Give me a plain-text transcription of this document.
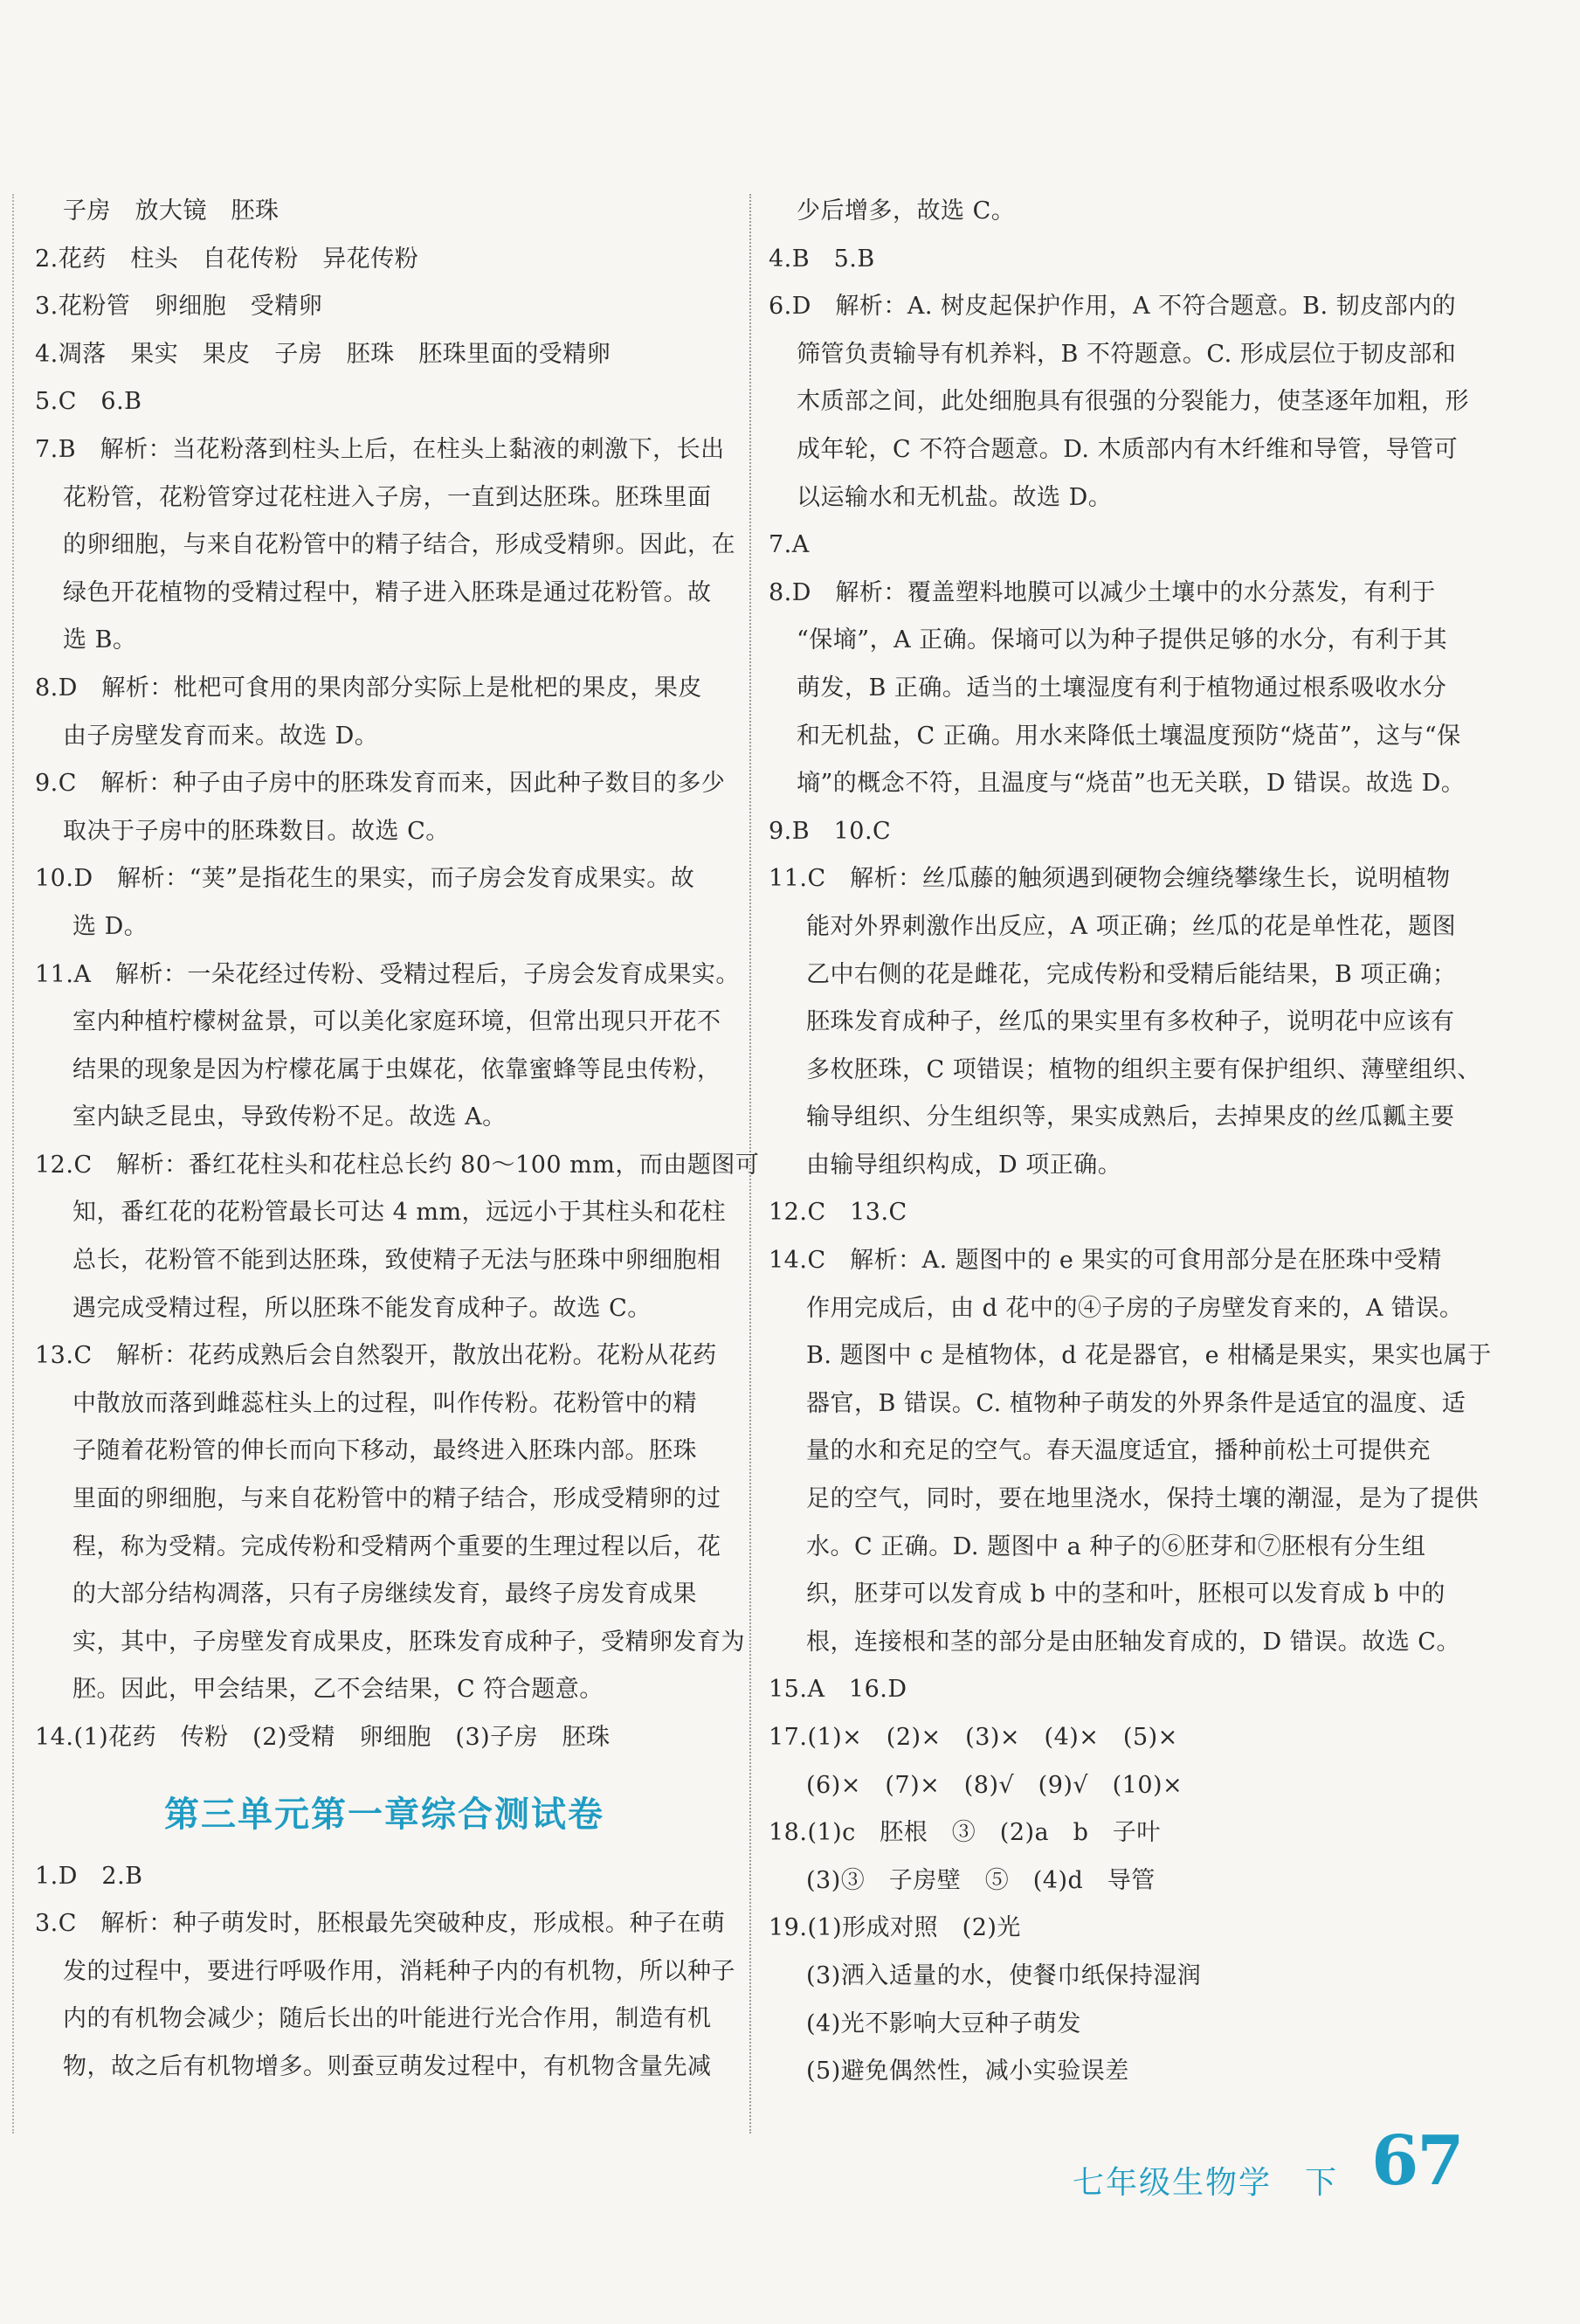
子房　放大镜　胚珠
2.花药　柱头　自花传粉　异花传粉
3.花粉管　卵细胞　受精卵
4.凋落　果实　果皮　子房　胚珠　胚珠里面的受精卵
5.C　6.B
7.B　解析：当花粉落到柱头上后，在柱头上黏液的刺激下，长出
花粉管，花粉管穿过花柱进入子房，一直到达胚珠。胚珠里面
的卵细胞，与来自花粉管中的精子结合，形成受精卵。因此，在
绿色开花植物的受精过程中，精子进入胚珠是通过花粉管。故
选 B。
8.D　解析：枇杷可食用的果肉部分实际上是枇杷的果皮，果皮
由子房壁发育而来。故选 D。
9.C　解析：种子由子房中的胚珠发育而来，因此种子数目的多少
取决于子房中的胚珠数目。故选 C。
10.D　解析：“荚”是指花生的果实，而子房会发育成果实。故
选 D。
11.A　解析：一朵花经过传粉、受精过程后，子房会发育成果实。
室内种植柠檬树盆景，可以美化家庭环境，但常出现只开花不
结果的现象是因为柠檬花属于虫媒花，依靠蜜蜂等昆虫传粉，
室内缺乏昆虫，导致传粉不足。故选 A。
12.C　解析：番红花柱头和花柱总长约 80～100 mm，而由题图可
知，番红花的花粉管最长可达 4 mm，远远小于其柱头和花柱
总长，花粉管不能到达胚珠，致使精子无法与胚珠中卵细胞相
遇完成受精过程，所以胚珠不能发育成种子。故选 C。
13.C　解析：花药成熟后会自然裂开，散放出花粉。花粉从花药
中散放而落到雌蕊柱头上的过程，叫作传粉。花粉管中的精
子随着花粉管的伸长而向下移动，最终进入胚珠内部。胚珠
里面的卵细胞，与来自花粉管中的精子结合，形成受精卵的过
程，称为受精。完成传粉和受精两个重要的生理过程以后，花
的大部分结构凋落，只有子房继续发育，最终子房发育成果
实，其中，子房壁发育成果皮，胚珠发育成种子，受精卵发育为
胚。因此，甲会结果，乙不会结果，C 符合题意。
14.(1)花药　传粉　(2)受精　卵细胞　(3)子房　胚珠
第三单元第一章综合测试卷
1.D　2.B
3.C　解析：种子萌发时，胚根最先突破种皮，形成根。种子在萌
发的过程中，要进行呼吸作用，消耗种子内的有机物，所以种子
内的有机物会减少；随后长出的叶能进行光合作用，制造有机
物，故之后有机物增多。则蚕豆萌发过程中，有机物含量先减
少后增多，故选 C。
4.B　5.B
6.D　解析：A. 树皮起保护作用，A 不符合题意。B. 韧皮部内的
筛管负责输导有机养料，B 不符题意。C. 形成层位于韧皮部和
木质部之间，此处细胞具有很强的分裂能力，使茎逐年加粗，形
成年轮，C 不符合题意。D. 木质部内有木纤维和导管，导管可
以运输水和无机盐。故选 D。
7.A
8.D　解析：覆盖塑料地膜可以减少土壤中的水分蒸发，有利于
“保墒”，A 正确。保墒可以为种子提供足够的水分，有利于其
萌发，B 正确。适当的土壤湿度有利于植物通过根系吸收水分
和无机盐，C 正确。用水来降低土壤温度预防“烧苗”，这与“保
墒”的概念不符，且温度与“烧苗”也无关联，D 错误。故选 D。
9.B　10.C
11.C　解析：丝瓜藤的触须遇到硬物会缠绕攀缘生长，说明植物
能对外界刺激作出反应，A 项正确；丝瓜的花是单性花，题图
乙中右侧的花是雌花，完成传粉和受精后能结果，B 项正确；
胚珠发育成种子，丝瓜的果实里有多枚种子，说明花中应该有
多枚胚珠，C 项错误；植物的组织主要有保护组织、薄壁组织、
输导组织、分生组织等，果实成熟后，去掉果皮的丝瓜瓤主要
由输导组织构成，D 项正确。
12.C　13.C
14.C　解析：A. 题图中的 e 果实的可食用部分是在胚珠中受精
作用完成后，由 d 花中的④子房的子房壁发育来的，A 错误。
B. 题图中 c 是植物体，d 花是器官，e 柑橘是果实，果实也属于
器官，B 错误。C. 植物种子萌发的外界条件是适宜的温度、适
量的水和充足的空气。春天温度适宜，播种前松土可提供充
足的空气，同时，要在地里浇水，保持土壤的潮湿，是为了提供
水。C 正确。D. 题图中 a 种子的⑥胚芽和⑦胚根有分生组
织，胚芽可以发育成 b 中的茎和叶，胚根可以发育成 b 中的
根，连接根和茎的部分是由胚轴发育成的，D 错误。故选 C。
15.A　16.D
17.(1)×　(2)×　(3)×　(4)×　(5)×
(6)×　(7)×　(8)√　(9)√　(10)×
18.(1)c　胚根　③　(2)a　b　子叶
(3)③　子房壁　⑤　(4)d　导管
19.(1)形成对照　(2)光
(3)洒入适量的水，使餐巾纸保持湿润
(4)光不影响大豆种子萌发
(5)避免偶然性，减小实验误差
七年级生物学　下 67
